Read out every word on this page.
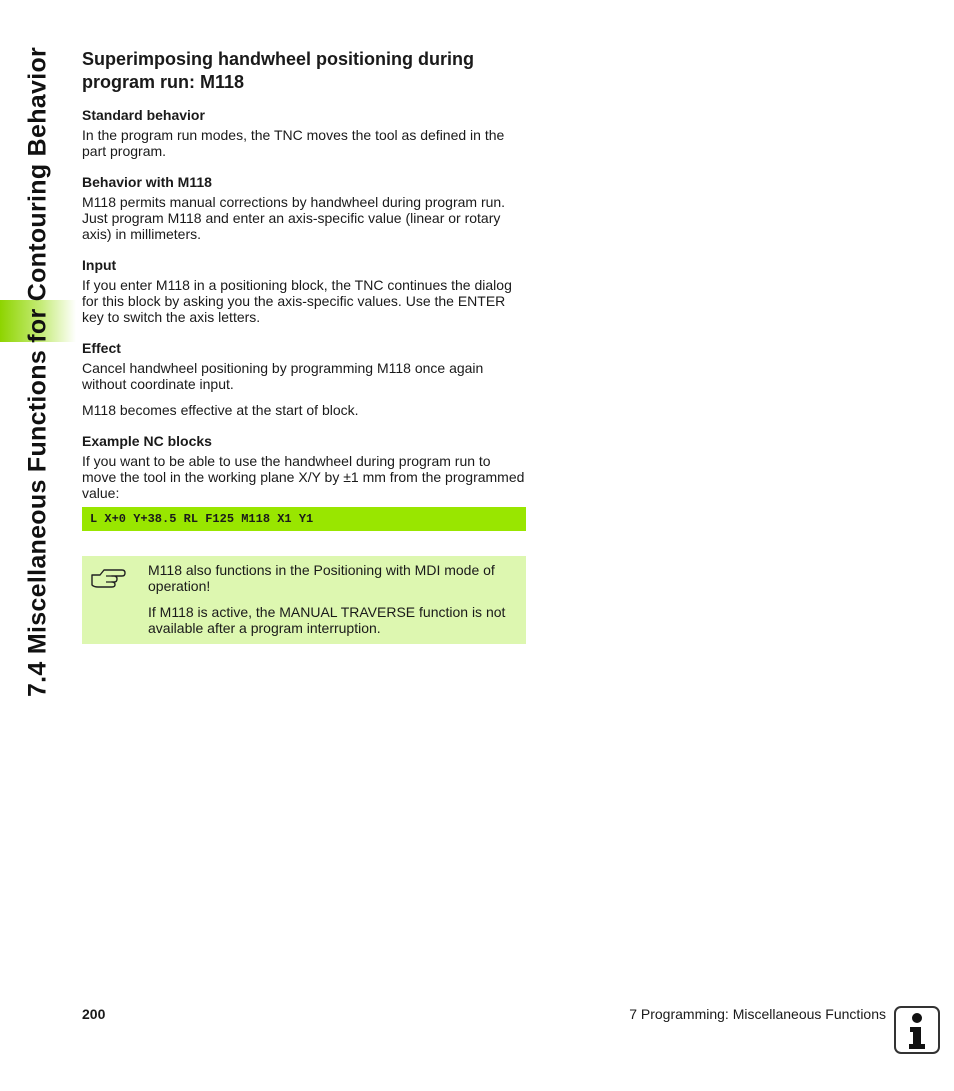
7.4 Miscellaneous Functions for Contouring Behavior Superimposing handwheel positioning during program run: M118
Standard behavior

In the program run modes, the TNC moves the tool as defined in the part program.

Behavior with M118

M118 permits manual corrections by handwheel during program run. Just program M118 and enter an axis-specific value (linear or rotary axis) in millimeters.

Input

If you enter M118 in a positioning block, the TNC continues the dialog for this block by asking you the axis-specific values. Use the ENTER key to switch the axis letters.

Effect

Cancel handwheel positioning by programming M118 once again without coordinate input.

M118 becomes effective at the start of block.

Example NC blocks

If you want to be able to use the handwheel during program run to move the tool in the working plane X/Y by ±1 mm from the programmed value:

L X+0 Y+38.5 RL F125 M118 X1 Y1

M118 also functions in the Positioning with MDI mode of operation!

If M118 is active, the MANUAL TRAVERSE function is not available after a program interruption.

200	7 Programming: Miscellaneous Functions
